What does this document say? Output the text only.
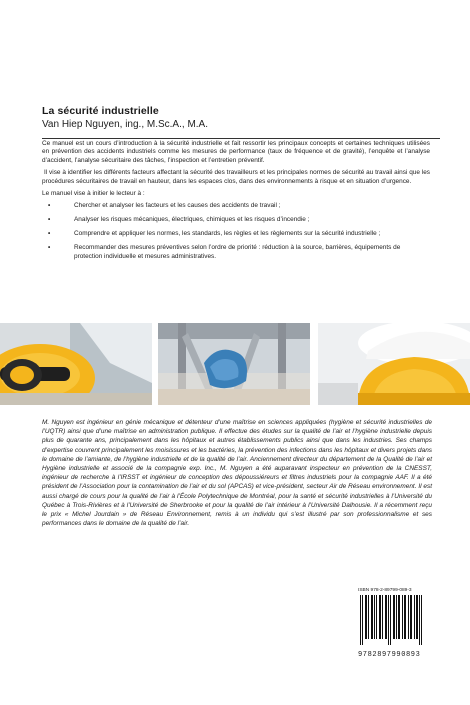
La sécurité industrielle
Van Hiep Nguyen, ing., M.Sc.A., M.A.

Ce manuel est un cours d’introduction à la sécurité industrielle et fait ressortir les principaux concepts et certaines techniques utilisées en prévention des accidents industriels comme les mesures de performance (taux de fréquence et de gravité), l’enquête et l’analyse d’accident, l’analyse sécuritaire des tâches, l’inspection et l’entretien préventif.

Il vise à identifier les différents facteurs affectant la sécurité des travailleurs et les principales normes de sécurité au travail ainsi que les procédures sécuritaires de travail en hauteur, dans les espaces clos, dans des environnements à risque et en situation d’urgence.

Le manuel vise à initier le lecteur à :

•	Chercher et analyser les facteurs et les causes des accidents de travail ;
•	Analyser les risques mécaniques, électriques, chimiques et les risques d’incendie ;
•	Comprendre et appliquer les normes, les standards, les règles et les règlements sur la sécurité industrielle ;
•	Recommander des mesures préventives selon l’ordre de priorité : réduction à la source, barrières, équipements de protection individuelle et mesures administratives.
M. Nguyen est ingénieur en génie mécanique et détenteur d’une maîtrise en sciences appliquées (hygiène et sécurité industrielles de l’UQTR) ainsi que d’une maîtrise en administration publique. Il effectue des études sur la qualité de l’air et l’hygiène industrielle depuis plus de quarante ans, principalement dans les hôpitaux et autres établissements publics ainsi que dans les industries. Ses champs d’expertise couvrent principalement les moisissures et les bactéries, la prévention des infections dans les hôpitaux et divers projets dans le domaine de l’amiante, de l’hygiène industrielle et de la qualité de l’air. Anciennement directeur du département de la Qualité de l’air et Hygiène industrielle et associé de la compagnie exp. Inc., M. Nguyen a été auparavant inspecteur en prévention de la CNESST, ingénieur de recherche à l’IRSST et ingénieur de conception des dépoussiéreurs et filtres industriels pour la compagnie AAF. Il a été président de l’Association pour la contamination de l’air et du sol (APCAS) et vice-président, secteur Air de Réseau environnement. Il est aussi chargé de cours pour la qualité de l’air à l’École Polytechnique de Montréal, pour la santé et sécurité industrielles à l’Université du Québec à Trois-Rivières et à l’Université de Sherbrooke et pour la qualité de l’air intérieur à l’Université Dalhousie. Il a récemment reçu le prix « Michel Jourdain » de Réseau Environnement, remis à un individu qui s’est illustré par son professionnalisme et ses performances dans le domaine de la qualité de l’air.
ISBN 978-2-89799-089-3
9782897990893
